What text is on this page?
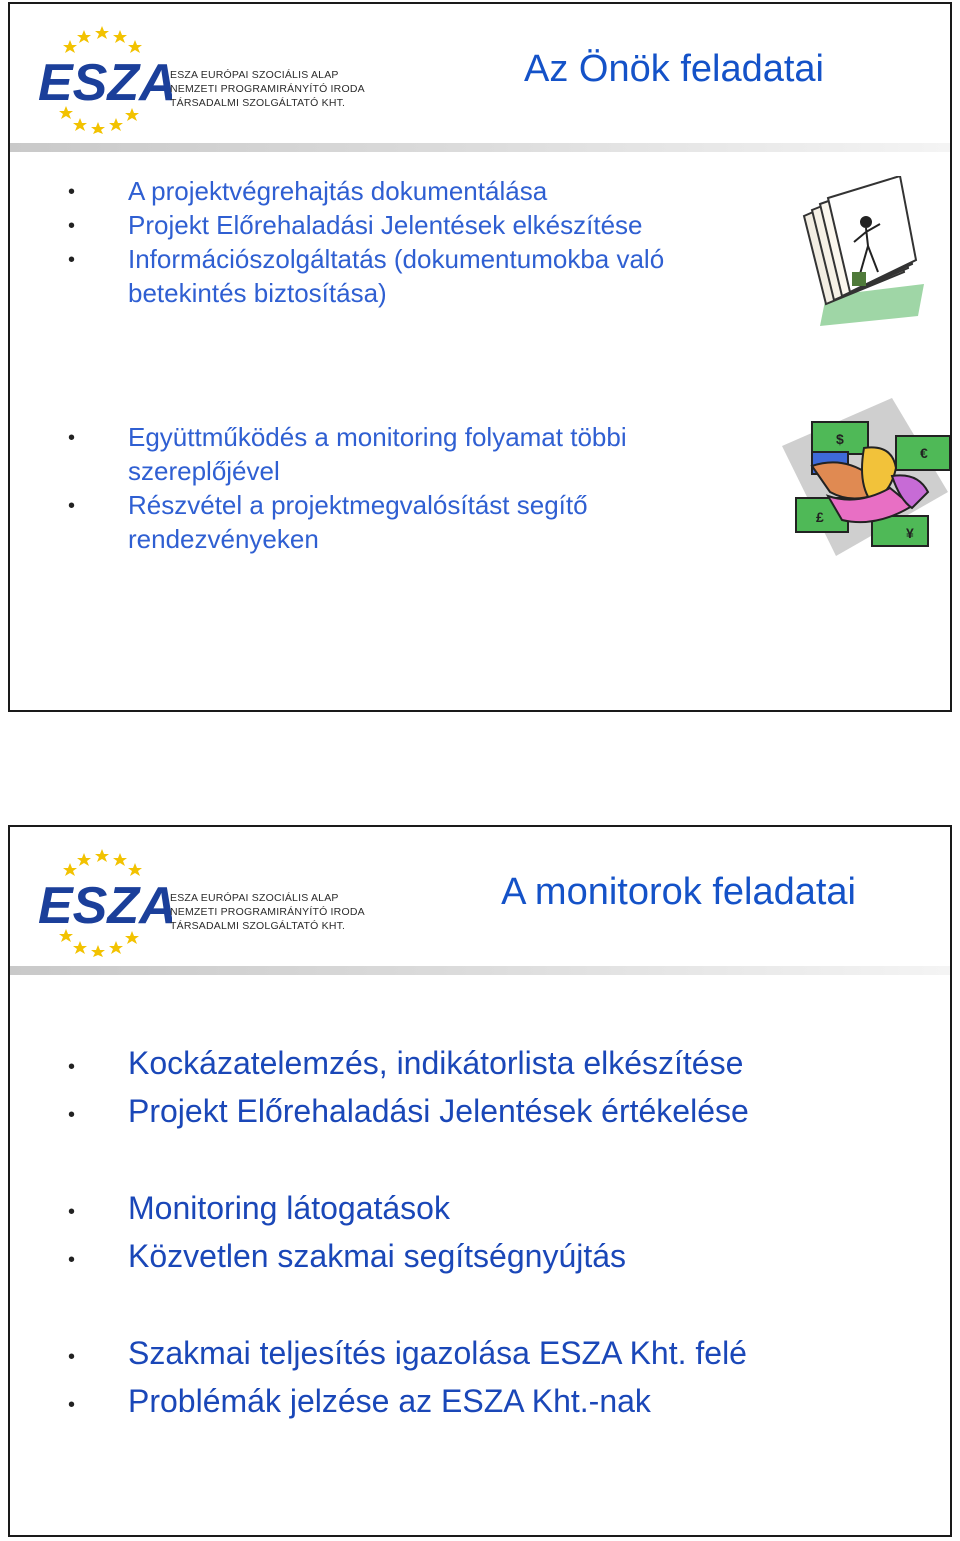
ESZA
ESZA EURÓPAI SZOCIÁLIS ALAP
NEMZETI PROGRAMIRÁNYÍTÓ IRODA
TÁRSADALMI SZOLGÁLTATÓ KHT.
Az Önök feladatai
• A projektvégrehajtás dokumentálása
• Projekt Előrehaladási Jelentések elkészítése
• Információszolgáltatás (dokumentumokba való
betekintés biztosítása)
• Együttműködés a monitoring folyamat többi
szereplőjével
• Részvétel a projektmegvalósítást segítő
rendezvényeken
$
€
£
¥
ESZA
ESZA EURÓPAI SZOCIÁLIS ALAP
NEMZETI PROGRAMIRÁNYÍTÓ IRODA
TÁRSADALMI SZOLGÁLTATÓ KHT.
A monitorok feladatai
• Kockázatelemzés, indikátorlista elkészítése
• Projekt Előrehaladási Jelentések értékelése
• Monitoring látogatások
• Közvetlen szakmai segítségnyújtás
• Szakmai teljesítés igazolása ESZA Kht. felé
• Problémák jelzése az ESZA Kht.-nak
